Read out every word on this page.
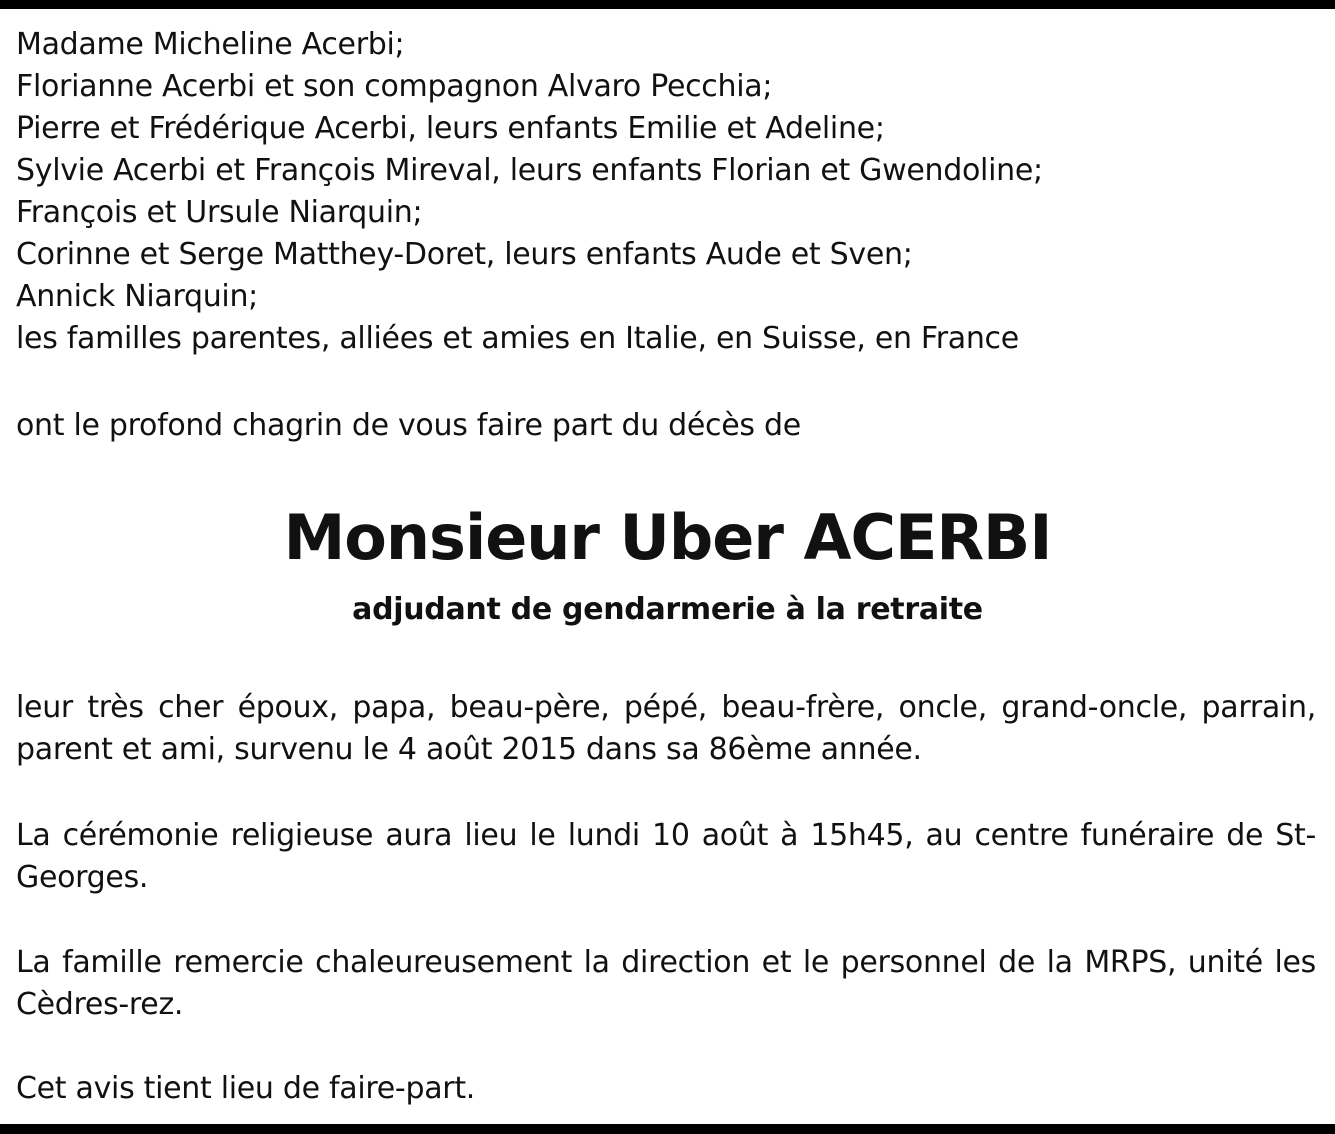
Madame Micheline Acerbi;
Florianne Acerbi et son compagnon Alvaro Pecchia;
Pierre et Frédérique Acerbi, leurs enfants Emilie et Adeline;
Sylvie Acerbi et François Mireval, leurs enfants Florian et Gwendoline;
François et Ursule Niarquin;
Corinne et Serge Matthey-Doret, leurs enfants Aude et Sven;
Annick Niarquin;
les familles parentes, alliées et amies en Italie, en Suisse, en France

ont le profond chagrin de vous faire part du décès de

Monsieur Uber ACERBI
adjudant de gendarmerie à la retraite

leur très cher époux, papa, beau-père, pépé, beau-frère, oncle, grand-oncle, parrain, parent et ami, survenu le 4 août 2015 dans sa 86ème année.

La cérémonie religieuse aura lieu le lundi 10 août à 15h45, au centre funéraire de St-Georges.

La famille remercie chaleureusement la direction et le personnel de la MRPS, unité les Cèdres-rez.

Cet avis tient lieu de faire-part.
